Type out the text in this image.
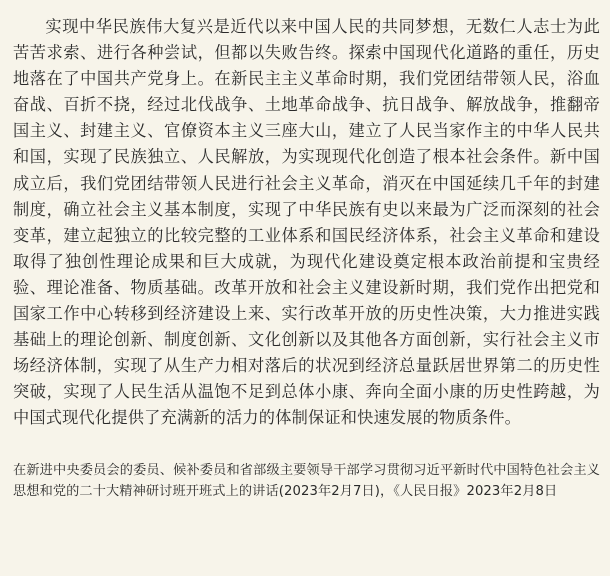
实现中华民族伟大复兴是近代以来中国人民的共同梦想，无数仁人志士为此苦苦求索、进行各种尝试，但都以失败告终。探索中国现代化道路的重任，历史地落在了中国共产党身上。在新民主主义革命时期，我们党团结带领人民，浴血奋战、百折不挠，经过北伐战争、土地革命战争、抗日战争、解放战争，推翻帝国主义、封建主义、官僚资本主义三座大山，建立了人民当家作主的中华人民共和国，实现了民族独立、人民解放，为实现现代化创造了根本社会条件。新中国成立后，我们党团结带领人民进行社会主义革命，消灭在中国延续几千年的封建制度，确立社会主义基本制度，实现了中华民族有史以来最为广泛而深刻的社会变革，建立起独立的比较完整的工业体系和国民经济体系，社会主义革命和建设取得了独创性理论成果和巨大成就，为现代化建设奠定根本政治前提和宝贵经验、理论准备、物质基础。改革开放和社会主义建设新时期，我们党作出把党和国家工作中心转移到经济建设上来、实行改革开放的历史性决策，大力推进实践基础上的理论创新、制度创新、文化创新以及其他各方面创新，实行社会主义市场经济体制，实现了从生产力相对落后的状况到经济总量跃居世界第二的历史性突破，实现了人民生活从温饱不足到总体小康、奔向全面小康的历史性跨越，为中国式现代化提供了充满新的活力的体制保证和快速发展的物质条件。

在新进中央委员会的委员、候补委员和省部级主要领导干部学习贯彻习近平新时代中国特色社会主义思想和党的二十大精神研讨班开班式上的讲话(2023年2月7日)，《人民日报》2023年2月8日
